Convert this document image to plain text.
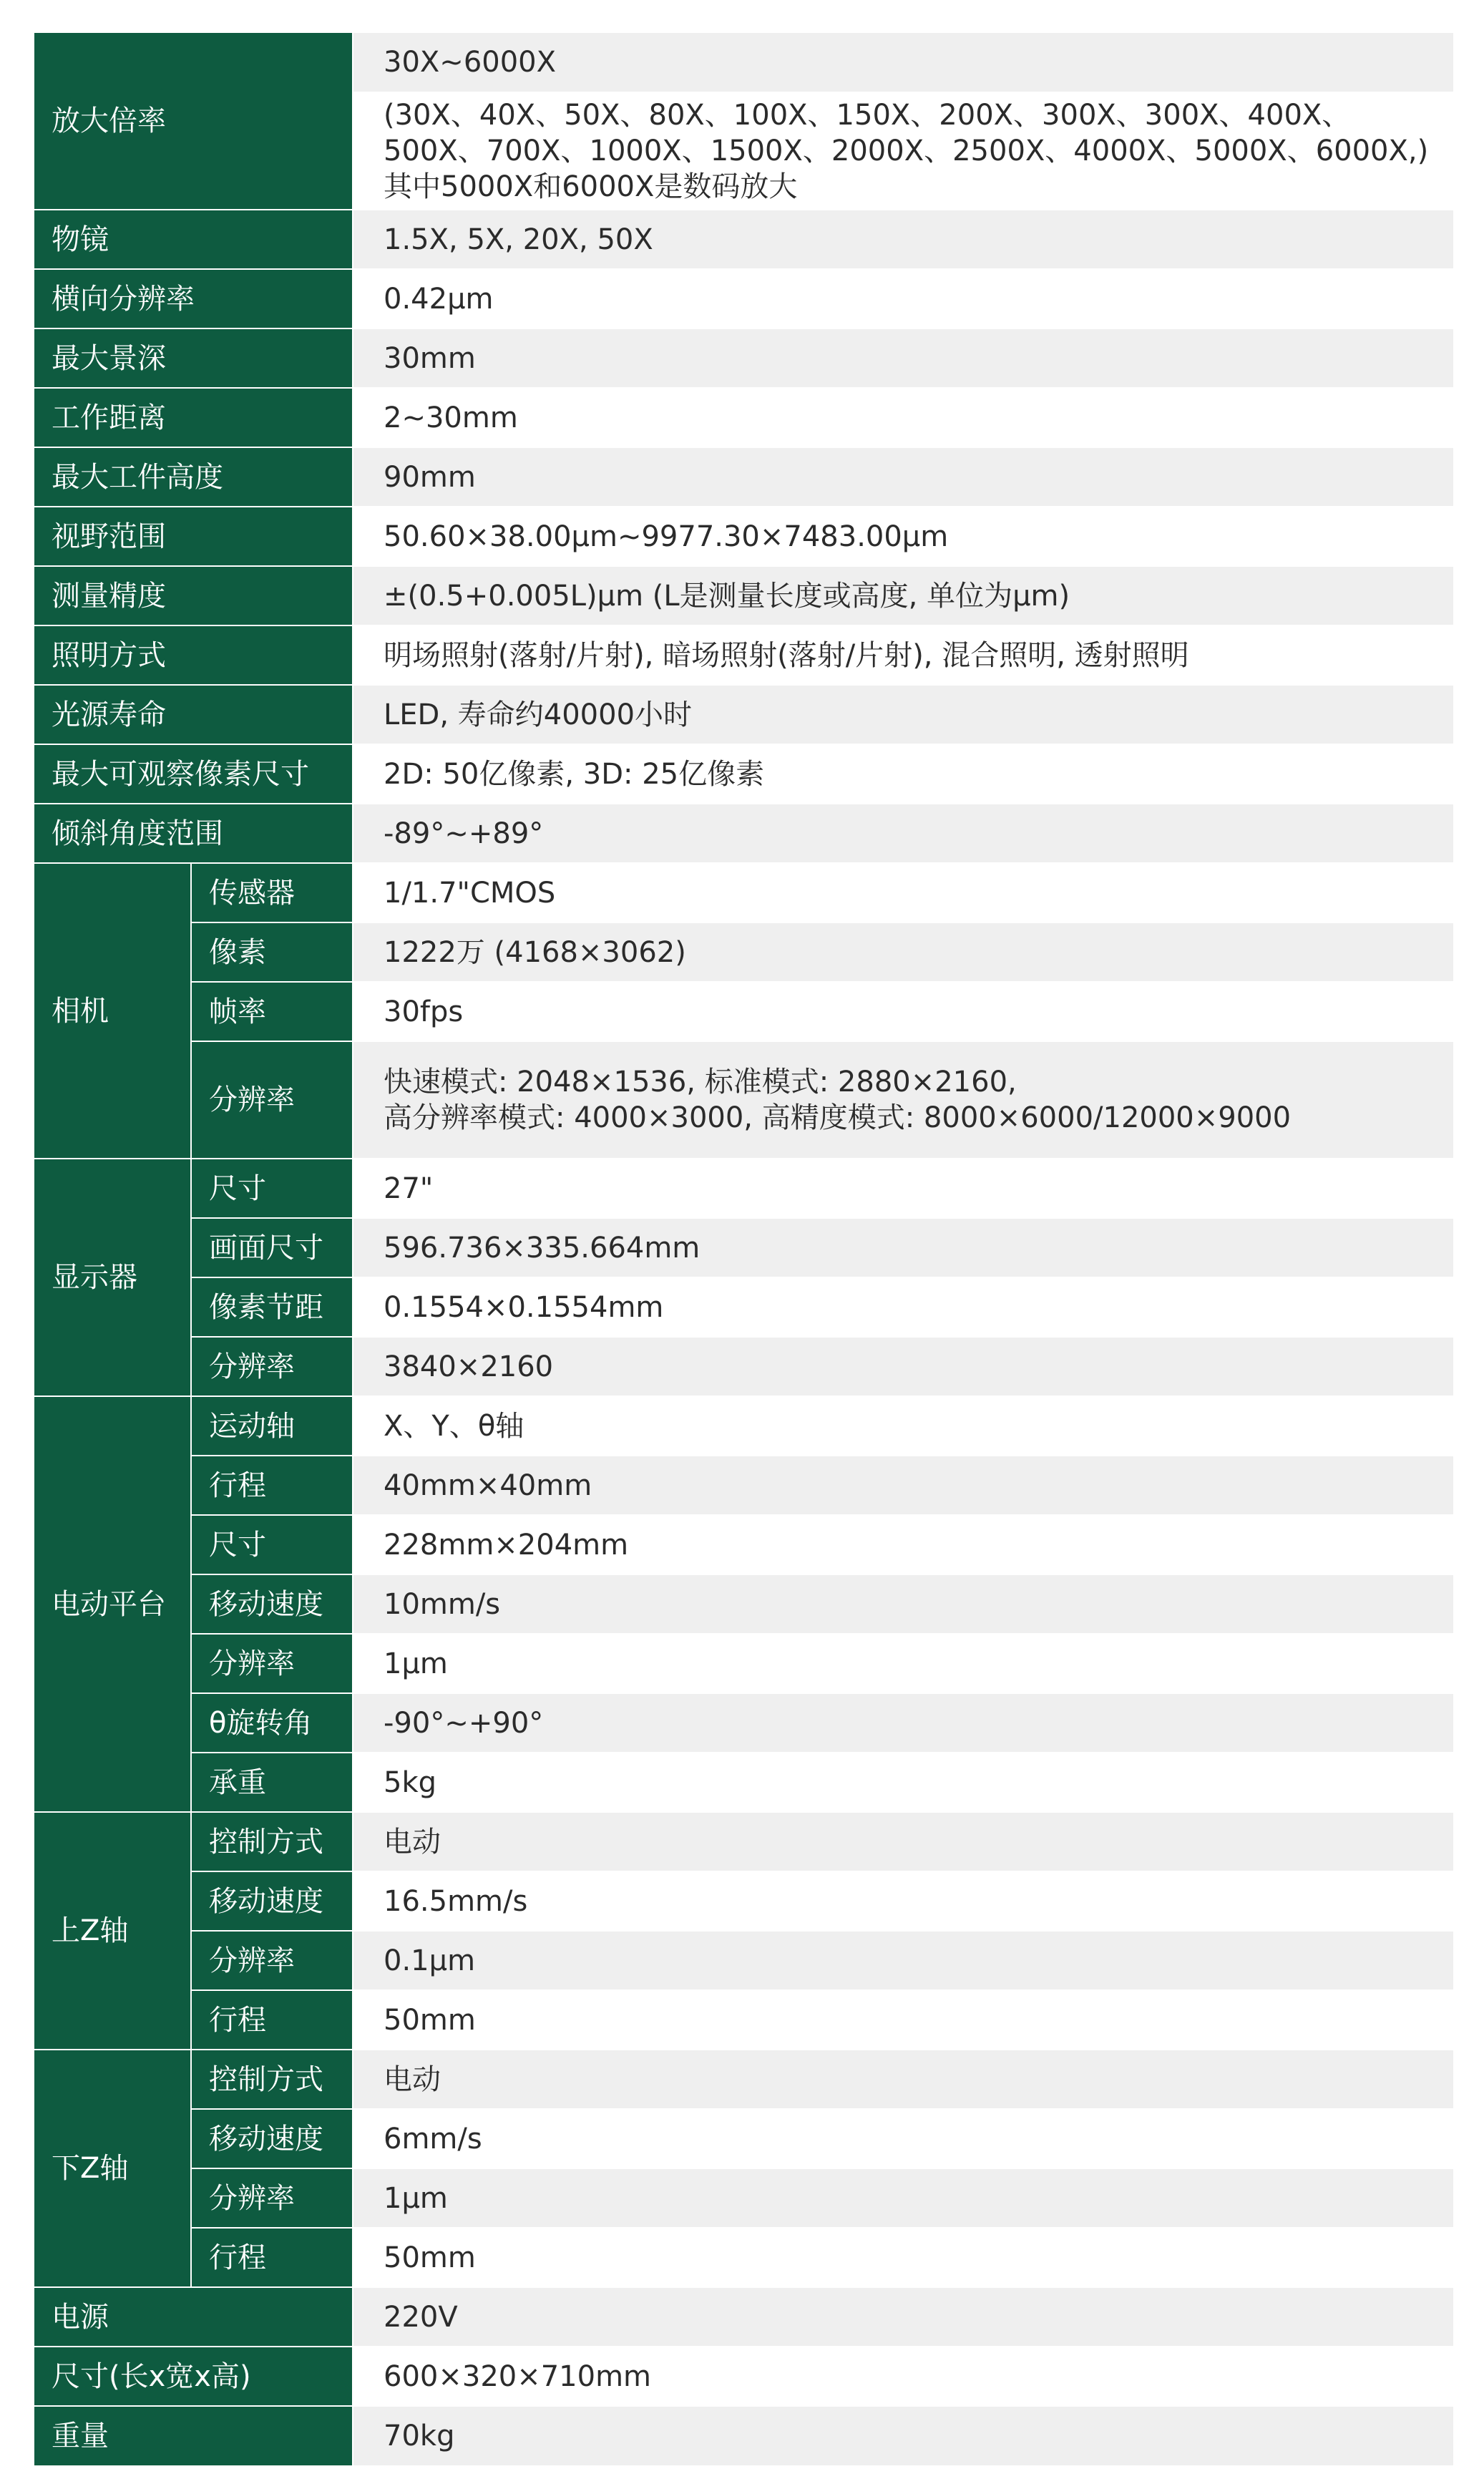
放大倍率		30X~6000X

		(30X、40X、50X、80X、100X、150X、200X、300X、300X、400X、
500X、700X、1000X、1500X、2000X、2500X、4000X、5000X、6000X,)
其中5000X和6000X是数码放大

物镜		1.5X, 5X, 20X, 50X
横向分辨率		0.42μm
最大景深		30mm
工作距离		2~30mm
最大工件高度		90mm
视野范围		50.60×38.00μm~9977.30×7483.00μm
测量精度		±(0.5+0.005L)μm (L是测量长度或高度, 单位为μm)
照明方式		明场照射(落射/片射), 暗场照射(落射/片射), 混合照明, 透射照明
光源寿命		LED, 寿命约40000小时
最大可观察像素尺寸		2D: 50亿像素, 3D: 25亿像素
倾斜角度范围		-89°~+89°
相机	传感器	1/1.7"CMOS
	像素	1222万 (4168×3062)
	帧率	30fps
	分辨率	快速模式: 2048×1536, 标准模式: 2880×2160,
高分辨率模式: 4000×3000, 高精度模式: 8000×6000/12000×9000

显示器	尺寸	27"
	画面尺寸	596.736×335.664mm
	像素节距	0.1554×0.1554mm
	分辨率	3840×2160
电动平台	运动轴	X、Y、θ轴
	行程	40mm×40mm
	尺寸	228mm×204mm
	移动速度	10mm/s
	分辨率	1μm
	θ旋转角	-90°~+90°
	承重	5kg
上Z轴	控制方式	电动
	移动速度	16.5mm/s
	分辨率	0.1μm
	行程	50mm
下Z轴	控制方式	电动
	移动速度	6mm/s
	分辨率	1μm
	行程	50mm
电源		220V
尺寸(长x宽x高)		600×320×710mm
重量		70kg
